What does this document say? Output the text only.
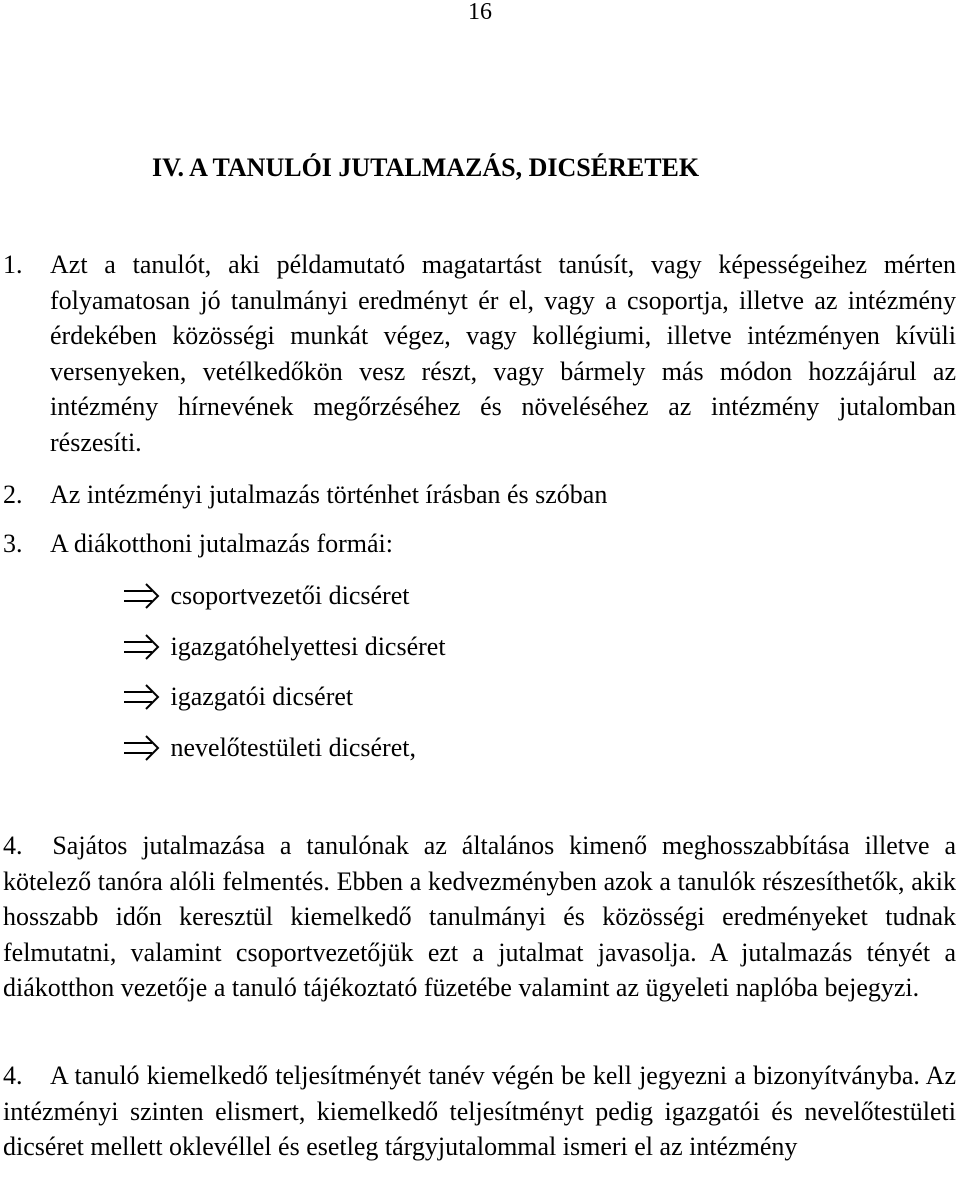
16
IV. A TANULÓI JUTALMAZÁS, DICSÉRETEK
1. Azt a tanulót, aki példamutató magatartást tanúsít, vagy képességeihez mérten folyamatosan jó tanulmányi eredményt ér el, vagy a csoportja, illetve az intézmény érdekében közösségi munkát végez, vagy kollégiumi, illetve intézményen kívüli versenyeken, vetélkedőkön vesz részt, vagy bármely más módon hozzájárul az intézmény hírnevének megőrzéséhez és növeléséhez az intézmény jutalomban részesíti.
2. Az intézményi jutalmazás történhet írásban és szóban
3. A diákotthoni jutalmazás formái:
csoportvezetői dicséret
igazgatóhelyettesi dicséret
igazgatói dicséret
nevelőtestületi dicséret,
4. Sajátos jutalmazása a tanulónak az általános kimenő meghosszabbítása illetve a kötelező tanóra alóli felmentés. Ebben a kedvezményben azok a tanulók részesíthetők, akik hosszabb időn keresztül kiemelkedő tanulmányi és közösségi eredményeket tudnak felmutatni, valamint csoportvezetőjük ezt a jutalmat javasolja. A jutalmazás tényét a diákotthon vezetője a tanuló tájékoztató füzetébe valamint az ügyeleti naplóba bejegyzi.
4.	A tanuló kiemelkedő teljesítményét tanév végén be kell jegyezni a bizonyítványba. Az intézményi szinten elismert, kiemelkedő teljesítményt pedig igazgatói és nevelőtestületi dicséret mellett oklevéllel és esetleg tárgyjutalommal ismeri el az intézmény
